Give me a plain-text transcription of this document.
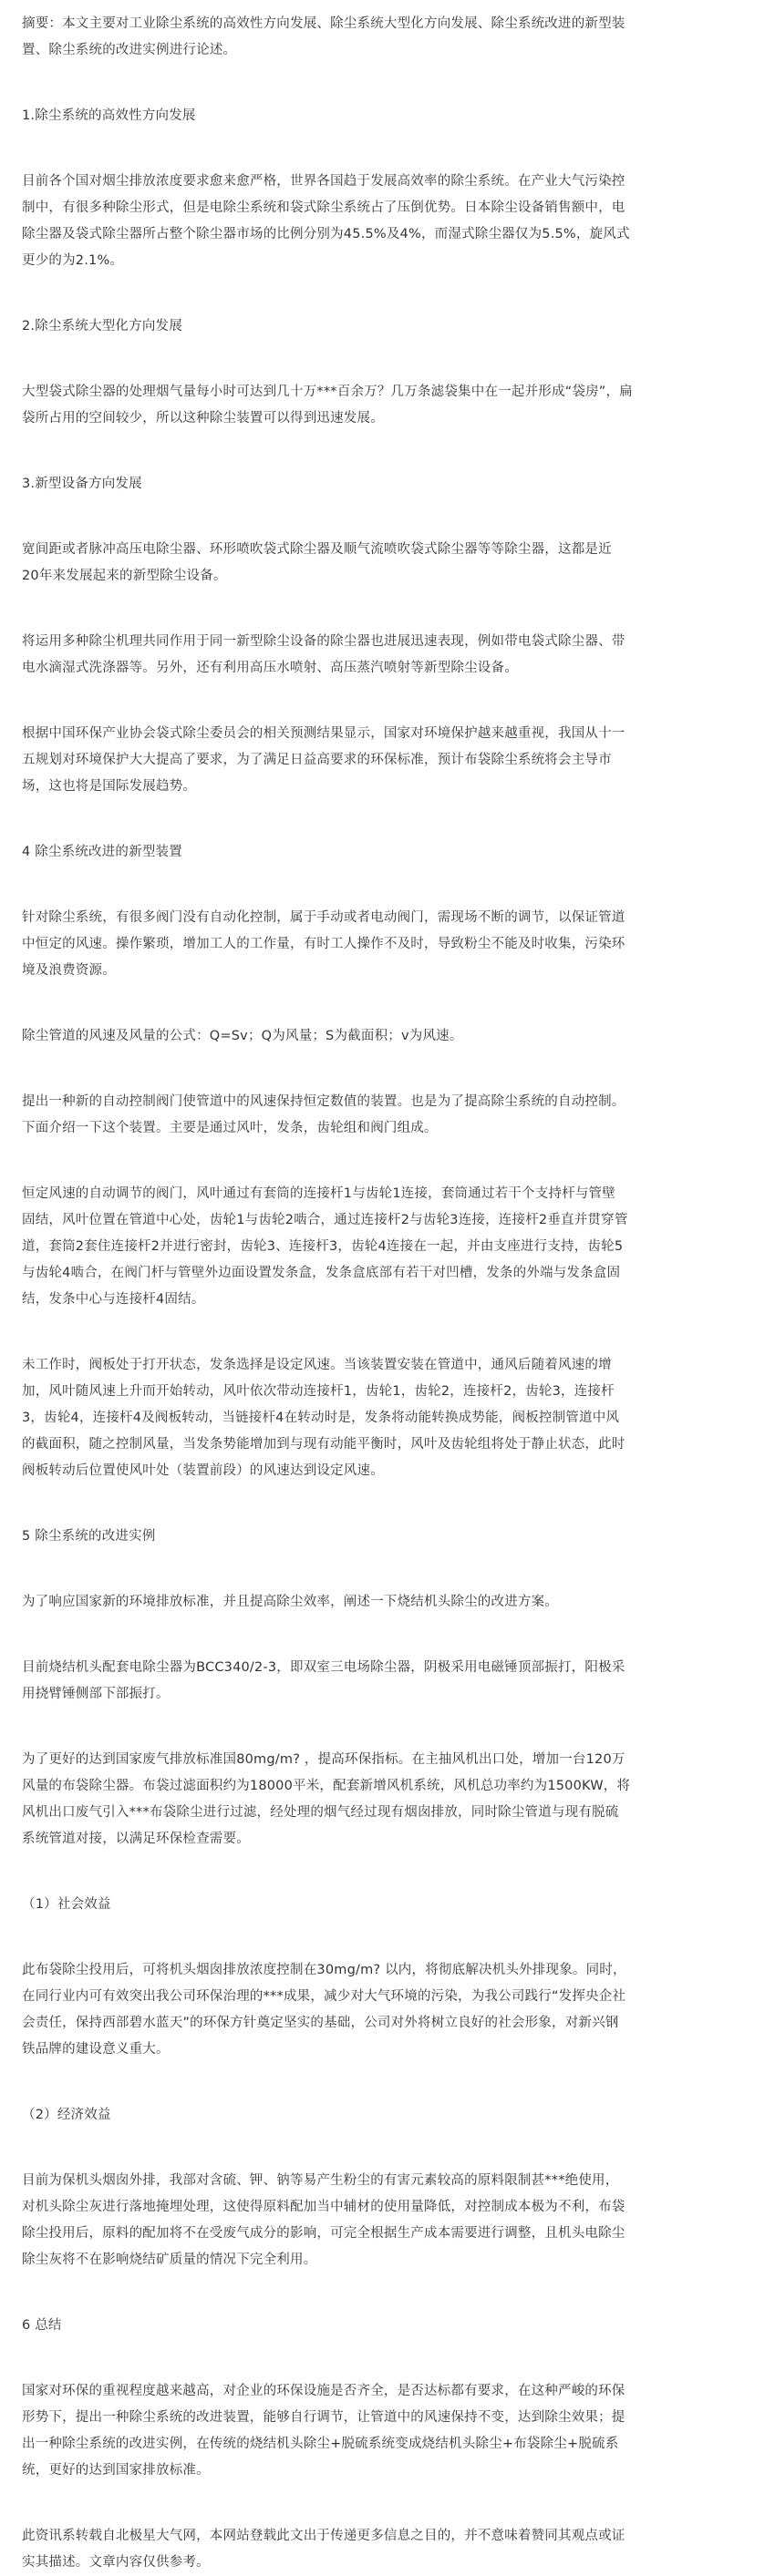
摘要：本文主要对工业除尘系统的高效性方向发展、除尘系统大型化方向发展、除尘系统改进的新型装
置、除尘系统的改进实例进行论述。

1.除尘系统的高效性方向发展

目前各个国对烟尘排放浓度要求愈来愈严格，世界各国趋于发展高效率的除尘系统。在产业大气污染控
制中，有很多种除尘形式，但是电除尘系统和袋式除尘系统占了压倒优势。日本除尘设备销售额中，电
除尘器及袋式除尘器所占整个除尘器市场的比例分别为45.5%及4%，而湿式除尘器仅为5.5%，旋风式
更少的为2.1%。

2.除尘系统大型化方向发展

大型袋式除尘器的处理烟气量每小时可达到几十万***百余万？几万条滤袋集中在一起并形成“袋房”，扁
袋所占用的空间较少，所以这种除尘装置可以得到迅速发展。

3.新型设备方向发展

宽间距或者脉冲高压电除尘器、环形喷吹袋式除尘器及顺气流喷吹袋式除尘器等等除尘器，这都是近
20年来发展起来的新型除尘设备。

将运用多种除尘机理共同作用于同一新型除尘设备的除尘器也进展迅速表现，例如带电袋式除尘器、带
电水滴湿式洗涤器等。另外，还有利用高压水喷射、高压蒸汽喷射等新型除尘设备。

根据中国环保产业协会袋式除尘委员会的相关预测结果显示，国家对环境保护越来越重视，我国从十一
五规划对环境保护大大提高了要求，为了满足日益高要求的环保标准，预计布袋除尘系统将会主导市
场，这也将是国际发展趋势。

4 除尘系统改进的新型装置

针对除尘系统，有很多阀门没有自动化控制，属于手动或者电动阀门，需现场不断的调节，以保证管道
中恒定的风速。操作繁琐，增加工人的工作量，有时工人操作不及时，导致粉尘不能及时收集，污染环
境及浪费资源。

除尘管道的风速及风量的公式：Q=Sv；Q为风量；S为截面积；v为风速。

提出一种新的自动控制阀门使管道中的风速保持恒定数值的装置。也是为了提高除尘系统的自动控制。
下面介绍一下这个装置。主要是通过风叶，发条，齿轮组和阀门组成。

恒定风速的自动调节的阀门，风叶通过有套筒的连接杆1与齿轮1连接，套筒通过若干个支持杆与管壁
固结，风叶位置在管道中心处，齿轮1与齿轮2啮合，通过连接杆2与齿轮3连接，连接杆2垂直并贯穿管
道，套筒2套住连接杆2并进行密封，齿轮3、连接杆3，齿轮4连接在一起，并由支座进行支持，齿轮5
与齿轮4啮合，在阀门杆与管壁外边面设置发条盒，发条盒底部有若干对凹槽，发条的外端与发条盒固
结，发条中心与连接杆4固结。

未工作时，阀板处于打开状态，发条选择是设定风速。当该装置安装在管道中，通风后随着风速的增
加，风叶随风速上升而开始转动，风叶依次带动连接杆1，齿轮1，齿轮2，连接杆2，齿轮3，连接杆
3，齿轮4，连接杆4及阀板转动，当链接杆4在转动时是，发条将动能转换成势能，阀板控制管道中风
的截面积，随之控制风量，当发条势能增加到与现有动能平衡时，风叶及齿轮组将处于静止状态，此时
阀板转动后位置使风叶处（装置前段）的风速达到设定风速。

5 除尘系统的改进实例

为了响应国家新的环境排放标准，并且提高除尘效率，阐述一下烧结机头除尘的改进方案。

目前烧结机头配套电除尘器为BCC340/2-3，即双室三电场除尘器，阴极采用电磁锤顶部振打，阳极采
用挠臂锤侧部下部振打。

为了更好的达到国家废气排放标准国80mg/m? ，提高环保指标。在主抽风机出口处，增加一台120万
风量的布袋除尘器。布袋过滤面积约为18000平米，配套新增风机系统，风机总功率约为1500KW，将
风机出口废气引入***布袋除尘进行过滤，经处理的烟气经过现有烟囱排放，同时除尘管道与现有脱硫
系统管道对接，以满足环保检查需要。

（1）社会效益

此布袋除尘投用后，可将机头烟囱排放浓度控制在30mg/m? 以内，将彻底解决机头外排现象。同时，
在同行业内可有效突出我公司环保治理的***成果，减少对大气环境的污染，为我公司践行“发挥央企社
会责任，保持西部碧水蓝天”的环保方针奠定坚实的基础，公司对外将树立良好的社会形象，对新兴钢
铁品牌的建设意义重大。

（2）经济效益

目前为保机头烟囱外排，我部对含硫、钾、钠等易产生粉尘的有害元素较高的原料限制甚***绝使用，
对机头除尘灰进行落地掩埋处理，这使得原料配加当中辅材的使用量降低，对控制成本极为不利，布袋
除尘投用后，原料的配加将不在受废气成分的影响，可完全根据生产成本需要进行调整，且机头电除尘
除尘灰将不在影响烧结矿质量的情况下完全利用。

6 总结

国家对环保的重视程度越来越高，对企业的环保设施是否齐全，是否达标都有要求，在这种严峻的环保
形势下，提出一种除尘系统的改进装置，能够自行调节，让管道中的风速保持不变，达到除尘效果；提
出一种除尘系统的改进实例，在传统的烧结机头除尘+脱硫系统变成烧结机头除尘+布袋除尘+脱硫系
统，更好的达到国家排放标准。

此资讯系转载自北极星大气网，本网站登载此文出于传递更多信息之目的，并不意味着赞同其观点或证
实其描述。文章内容仅供参考。
